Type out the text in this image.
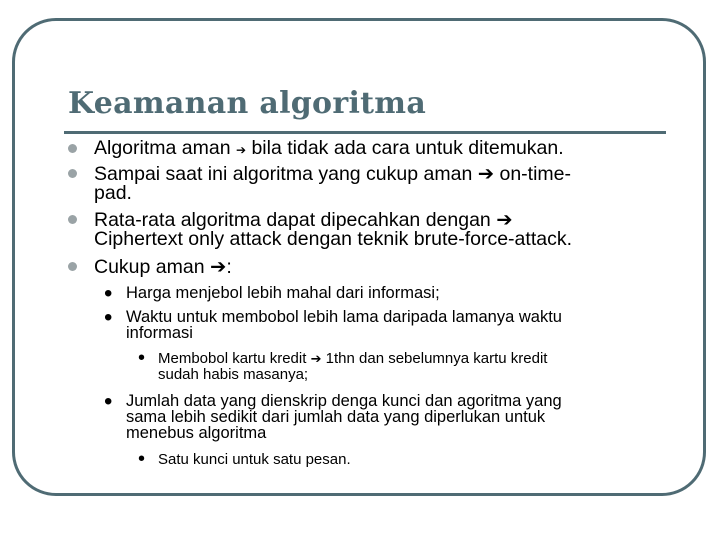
Keamanan algoritma
Algoritma aman ➔ bila tidak ada cara untuk ditemukan.
Sampai saat ini algoritma yang cukup aman ➔ on-time-
pad.
Rata-rata algoritma dapat dipecahkan dengan ➔
Ciphertext only attack dengan teknik brute-force-attack.
Cukup aman ➔:
• Harga menjebol lebih mahal dari informasi;
• Waktu untuk membobol lebih lama daripada lamanya waktu
informasi
• Membobol kartu kredit ➔ 1thn dan sebelumnya kartu kredit
sudah habis masanya;
• Jumlah data yang dienskrip denga kunci dan agoritma yang
sama lebih sedikit dari jumlah data yang diperlukan untuk
menebus algoritma
• Satu kunci untuk satu pesan.
